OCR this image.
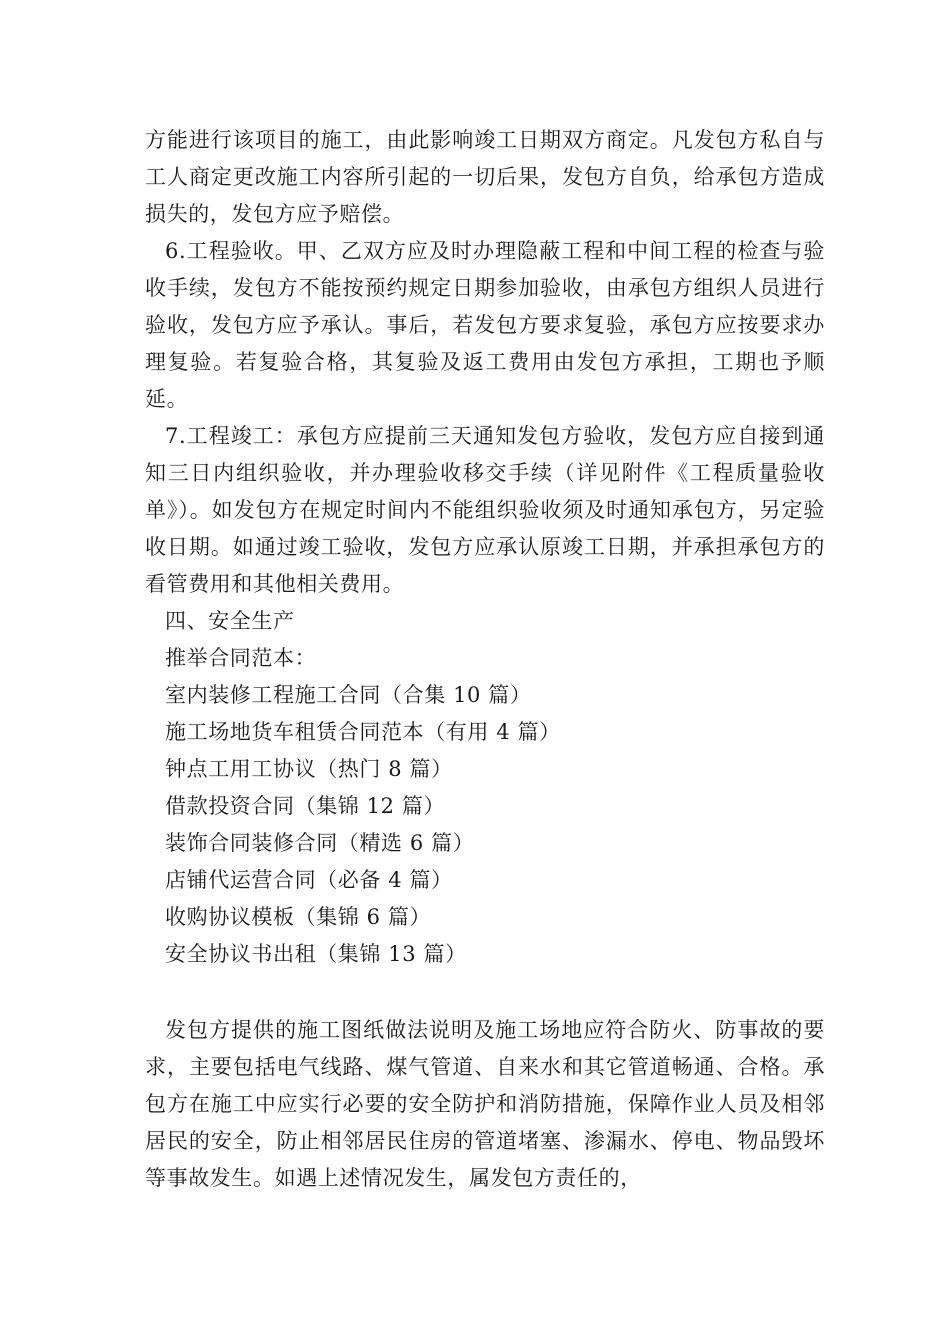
方能进行该项目的施工，由此影响竣工日期双方商定。凡发包方私自与工人商定更改施工内容所引起的一切后果，发包方自负，给承包方造成损失的，发包方应予赔偿。

6.工程验收。甲、乙双方应及时办理隐蔽工程和中间工程的检查与验收手续，发包方不能按预约规定日期参加验收，由承包方组织人员进行验收，发包方应予承认。事后，若发包方要求复验，承包方应按要求办理复验。若复验合格，其复验及返工费用由发包方承担，工期也予顺延。

7.工程竣工：承包方应提前三天通知发包方验收，发包方应自接到通知三日内组织验收，并办理验收移交手续（详见附件《工程质量验收单》）。如发包方在规定时间内不能组织验收须及时通知承包方，另定验收日期。如通过竣工验收，发包方应承认原竣工日期，并承担承包方的看管费用和其他相关费用。

四、安全生产

推举合同范本：

室内装修工程施工合同（合集 10 篇）
施工场地货车租赁合同范本（有用 4 篇）
钟点工用工协议（热门 8 篇）
借款投资合同（集锦 12 篇）
装饰合同装修合同（精选 6 篇）
店铺代运营合同（必备 4 篇）
收购协议模板（集锦 6 篇）
安全协议书出租（集锦 13 篇）

发包方提供的施工图纸做法说明及施工场地应符合防火、防事故的要求，主要包括电气线路、煤气管道、自来水和其它管道畅通、合格。承包方在施工中应实行必要的安全防护和消防措施，保障作业人员及相邻居民的安全，防止相邻居民住房的管道堵塞、渗漏水、停电、物品毁坏等事故发生。如遇上述情况发生，属发包方责任的，
